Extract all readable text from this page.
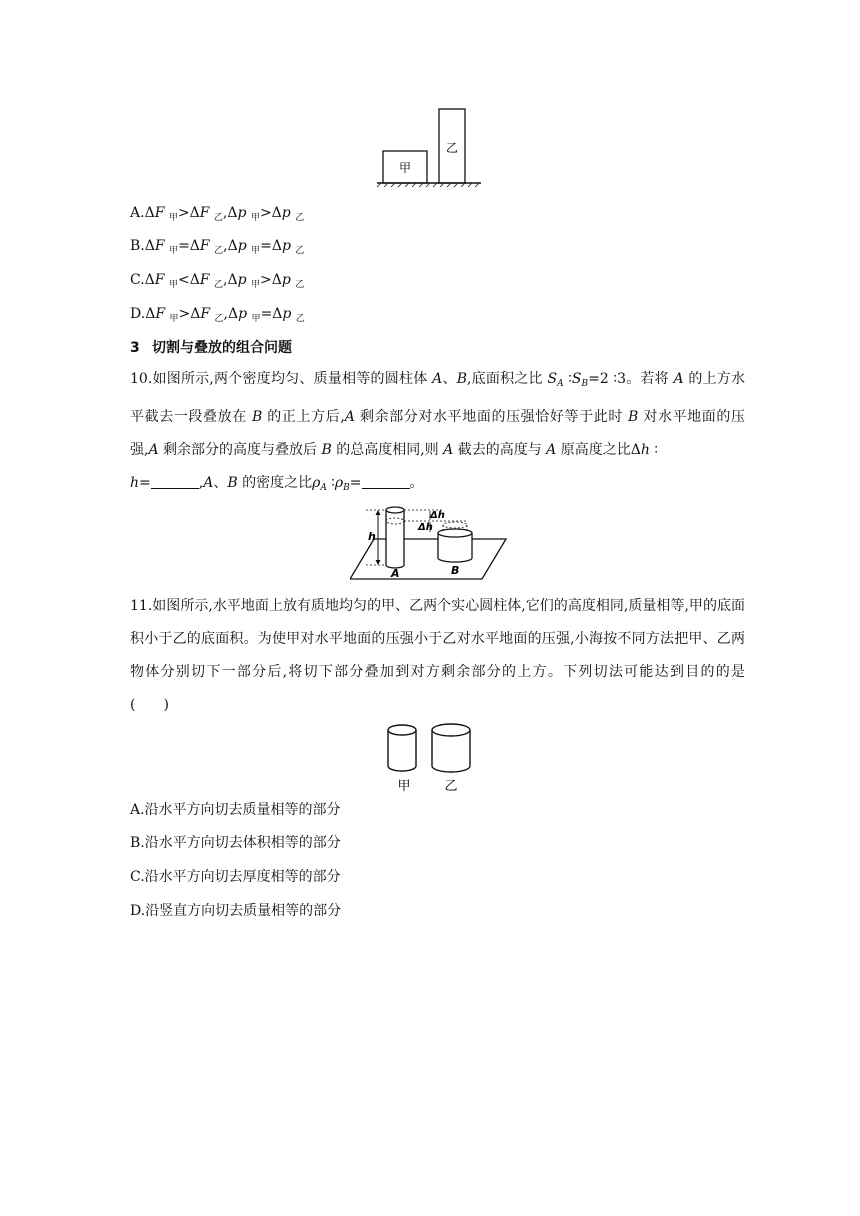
甲
乙
A.ΔF $_甲$>ΔF $_乙$,Δp $_甲$>Δp $_乙$
B.ΔF $_甲$=ΔF $_乙$,Δp $_甲$=Δp $_乙$
C.ΔF $_甲$<ΔF $_乙$,Δp $_甲$>Δp $_乙$
D.ΔF $_甲$>ΔF $_乙$,Δp $_甲$=Δp $_乙$
3 切割与叠放的组合问题
10.如图所示,两个密度均匀、质量相等的圆柱体 A、B,底面积之比 $S_A$ $∶S_B=2$ ∶3。若将 A 的上方水平截去一段叠放在 B 的正上方后,A 剩余部分对水平地面的压强恰好等于此时 B 对水平地面的压强,A 剩余部分的高度与叠放后 B 的总高度相同,则 A 截去的高度与 A 原高度之比Δh ∶
h=	,A、B 的密度之比$\rho_A$ $∶\rho_B=$	。
h
Δh
Δh
A	B
11.如图所示,水平地面上放有质地均匀的甲、乙两个实心圆柱体,它们的高度相同,质量相等,甲的底面积小于乙的底面积。为使甲对水平地面的压强小于乙对水平地面的压强,小海按不同方法把甲、乙两物体分别切下一部分后,将切下部分叠加到对方剩余部分的上方。下列切法可能达到目的的是　(　　)
甲	乙
A.沿水平方向切去质量相等的部分
B.沿水平方向切去体积相等的部分
C.沿水平方向切去厚度相等的部分
D.沿竖直方向切去质量相等的部分
